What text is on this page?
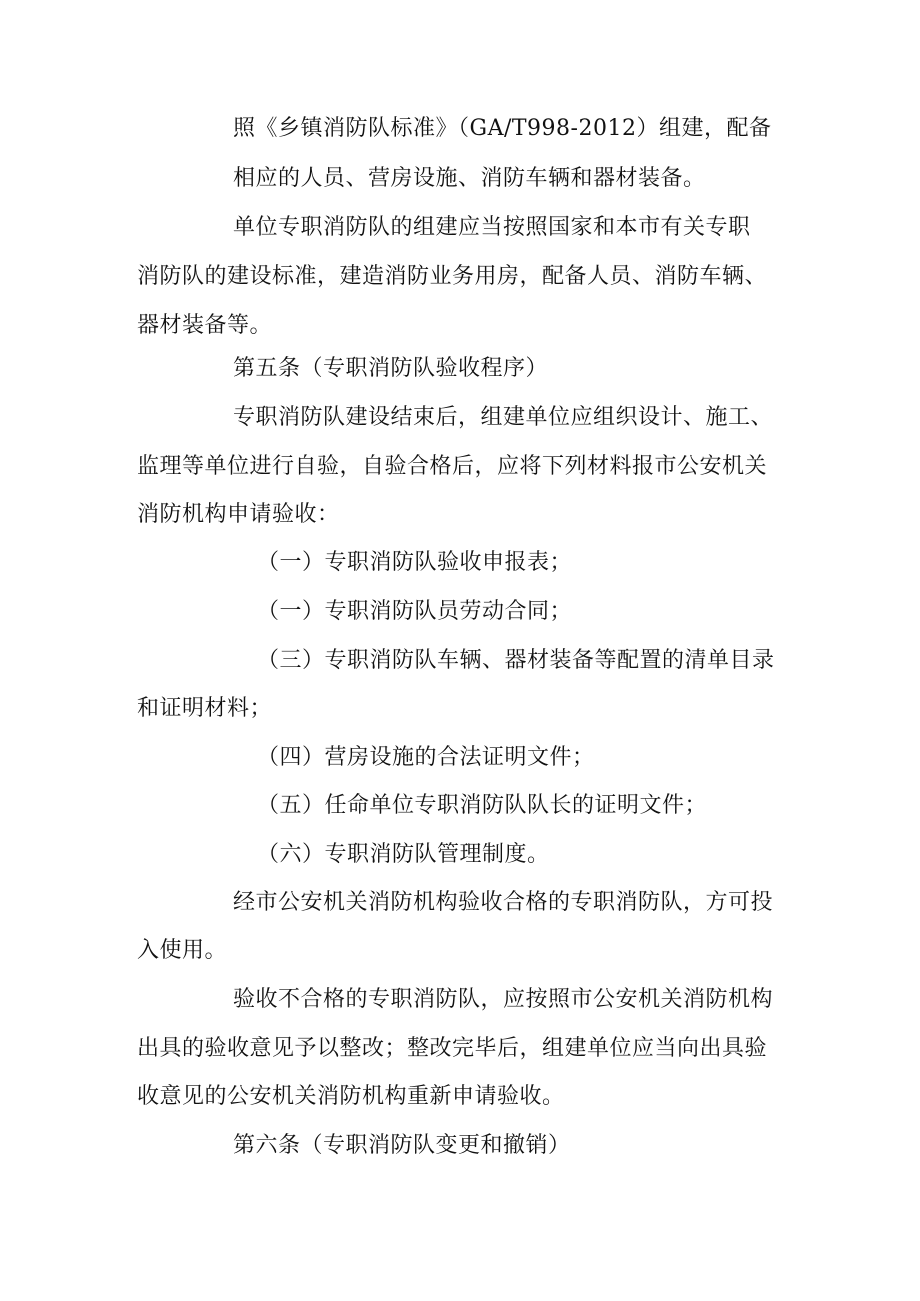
照《乡镇消防队标准》（GA/T998-2012）组建，配备
相应的人员、营房设施、消防车辆和器材装备。
单位专职消防队的组建应当按照国家和本市有关专职
消防队的建设标准，建造消防业务用房，配备人员、消防车辆、
器材装备等。
第五条（专职消防队验收程序）
专职消防队建设结束后，组建单位应组织设计、施工、
监理等单位进行自验，自验合格后，应将下列材料报市公安机关
消防机构申请验收：
（一）专职消防队验收申报表；
（一）专职消防队员劳动合同；
（三）专职消防队车辆、器材装备等配置的清单目录
和证明材料；
（四）营房设施的合法证明文件；
（五）任命单位专职消防队队长的证明文件；
（六）专职消防队管理制度。
经市公安机关消防机构验收合格的专职消防队，方可投
入使用。
验收不合格的专职消防队，应按照市公安机关消防机构
出具的验收意见予以整改；整改完毕后，组建单位应当向出具验
收意见的公安机关消防机构重新申请验收。
第六条（专职消防队变更和撤销）
